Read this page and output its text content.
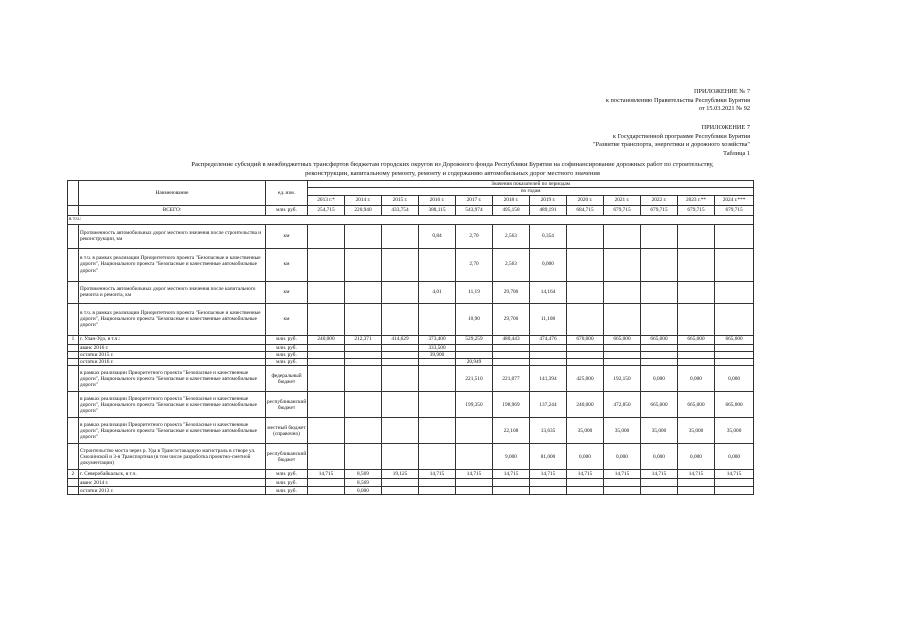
ПРИЛОЖЕНИЕ № 7
к постановлению Правительства Республики Бурятия
от 15.03.2021 № 92
ПРИЛОЖЕНИЕ 7
к Государственной программе Республики Бурятия
"Развитие транспорта, энергетики и дорожного хозяйства"
Таблица 1
Распределение субсидий в межбюджетных трансфертов бюджетам городских округов из Дорожного фонда Республики Бурятия на софинансирование дорожных работ по строительству,
реконструкции, капитальному ремонту, ремонту и содержанию автомобильных дорог местного значения
	Наименование	ед. изм.	Значения показателей по периодам											
			по годам											
			2013 г.*	2014 г.	2015 г.	2016 г.	2017 г.	2018 г.	2019 г.	2020 г.	2021 г.	2022 г.	2023 г.**	2024 г.***
	ВСЕГО:	млн. руб.	254,715	220,940	433,754	388,115	543,974	495,158	489,191	684,715	679,715	679,715	679,715	679,715
в т.ч.:														
	Протяженность автомобильных дорог местного значения после строительства и реконструкции, км	км				0,84	2,70	2,563	0,354					
	в т.ч. в рамках реализации Приоритетного проекта "Безопасные и качественные дороги", Национального проекта "Безопасные и качественные автомобильные дороги"	км					2,70	2,563	0,000					
	Протяженность автомобильных дорог местного значения после капитального ремонта и ремонта, км	км				4,01	11,19	29,700	14,164					
	в т.ч. в рамках реализации Приоритетного проекта "Безопасные и качественные дороги", Национального проекта "Безопасные и качественные автомобильные дороги"	км					10,90	29,700	11,108					
1	г. Улан-Удэ, в т.ч.:	млн. руб.	240,000	212,371	414,629	373,400	529,259	480,443	474,476	670,000	665,000	665,000	665,000	665,000
	аванс 2016 г.	млн. руб.				333,500								
	остатки 2015 г.	млн. руб.				39,900								
	остатки 2016 г.	млн. руб.					20,949							
	в рамках реализации Приоритетного проекта "Безопасные и качественные дороги", Национального проекта "Безопасные и качественные автомобильные дороги"	федеральный бюджет					221,510	221,077	141,394	425,000	192,150	0,000	0,000	0,000
	в рамках реализации Приоритетного проекта "Безопасные и качественные дороги", Национального проекта "Безопасные и качественные автомобильные дороги"	республиканский бюджет					199,350	198,969	137,244	240,000	472,850	665,000	665,000	665,000
	в рамках реализации Приоритетного проекта "Безопасные и качественные дороги", Национального проекта "Безопасные и качественные автомобильные дороги"	местный бюджет (справочно)						22,108	13,635	35,000	35,000	35,000	35,000	35,000
	Строительство моста через р. Уда в Трансэстакадную магистраль в створе ул. Смолинской и 3-я Транспортная (в том числе разработка проектно-сметной документации)	республиканский бюджет						9,000	81,000	0,000	0,000	0,000	0,000	0,000
2	г. Северобайкальск, в т.ч.	млн. руб.	14,715	8,569	19,125	14,715	14,715	14,715	14,715	14,715	14,715	14,715	14,715	14,715
	аванс 2014 г.	млн. руб.		8,569										
	остатки 2013 г.	млн. руб.		0,000										
